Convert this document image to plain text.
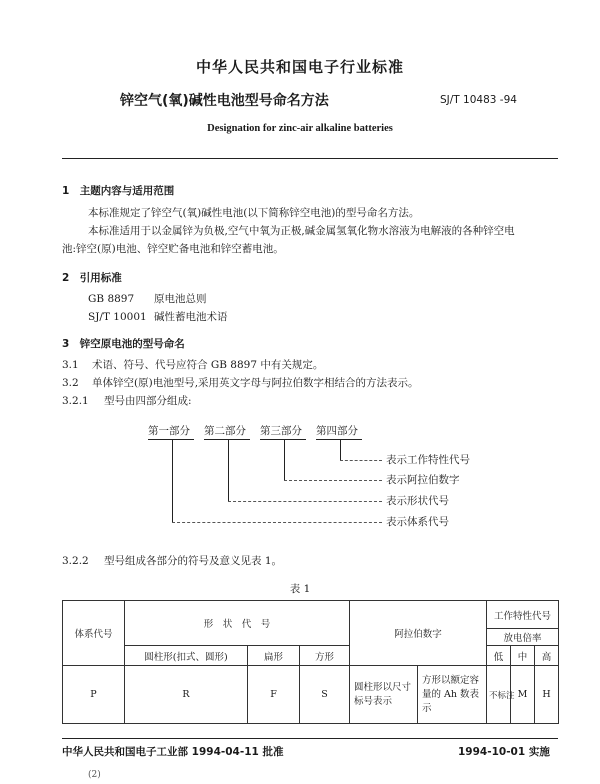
中华人民共和国电子行业标准
锌空气(氧)碱性电池型号命名方法	SJ/T 10483 -94
Designation for zinc-air alkaline batteries
1　主题内容与适用范围
本标准规定了锌空气(氧)碱性电池(以下简称锌空电池)的型号命名方法。
本标准适用于以金属锌为负极,空气中氧为正极,碱金属氢氧化物水溶液为电解液的各种锌空电
池:锌空(原)电池、锌空贮备电池和锌空蓄电池。
2　引用标准
GB 8897 原电池总则
SJ/T 10001 碱性蓄电池术语
3　锌空原电池的型号命名
3.1 术语、符号、代号应符合 GB 8897 中有关规定。
3.2 单体锌空(原)电池型号,采用英文字母与阿拉伯数字相结合的方法表示。
3.2.1 型号由四部分组成:
第一部分 第二部分 第三部分 第四部分
表示工作特性代号
表示阿拉伯数字
表示形状代号
表示体系代号
3.2.2 型号组成各部分的符号及意义见表 1。
表 1
体系代号	形　状　代　号			阿拉伯数字		工作特性代号		
						放电倍率		
	圆柱形(扣式、圆形)	扁形	方形			低	中	高
P	R	F	S	圆柱形以尺寸标号表示	方形以额定容量的 Ah 数表示	不标注	M	H
中华人民共和国电子工业部 1994-04-11 批准	1994-10-01 实施
(2)
